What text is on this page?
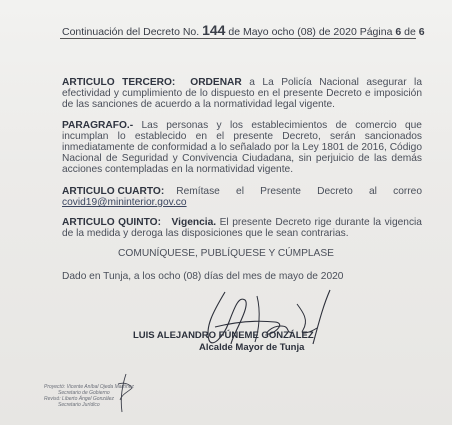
Continuación del Decreto No. 144 de Mayo ocho (08) de 2020 Página 6 de 6
ARTICULO TERCERO: ORDENAR a La Policía Nacional asegurar la efectividad y cumplimiento de lo dispuesto en el presente Decreto e imposición de las sanciones de acuerdo a la normatividad legal vigente.
PARAGRAFO.- Las personas y los establecimientos de comercio que incumplan lo establecido en el presente Decreto, serán sancionados inmediatamente de conformidad a lo señalado por la Ley 1801 de 2016, Código Nacional de Seguridad y Convivencia Ciudadana, sin perjuicio de las demás acciones contempladas en la normatividad vigente.
ARTICULO CUARTO: Remítase el Presente Decreto al correo
covid19@mininterior.gov.co
ARTICULO QUINTO: Vigencia. El presente Decreto rige durante la vigencia de la medida y deroga las disposiciones que le sean contrarias.
COMUNÍQUESE, PUBLÍQUESE Y CÚMPLASE
Dado en Tunja, a los ocho (08) días del mes de mayo de 2020
LUIS ALEJANDRO FÚNEME GONZÁLEZ
Alcalde Mayor de Tunja
Proyectó: Vicente Aníbal Ojeda Martínez
Secretario de Gobierno
Revisó: Liberto Ángel González
Secretario Jurídico
